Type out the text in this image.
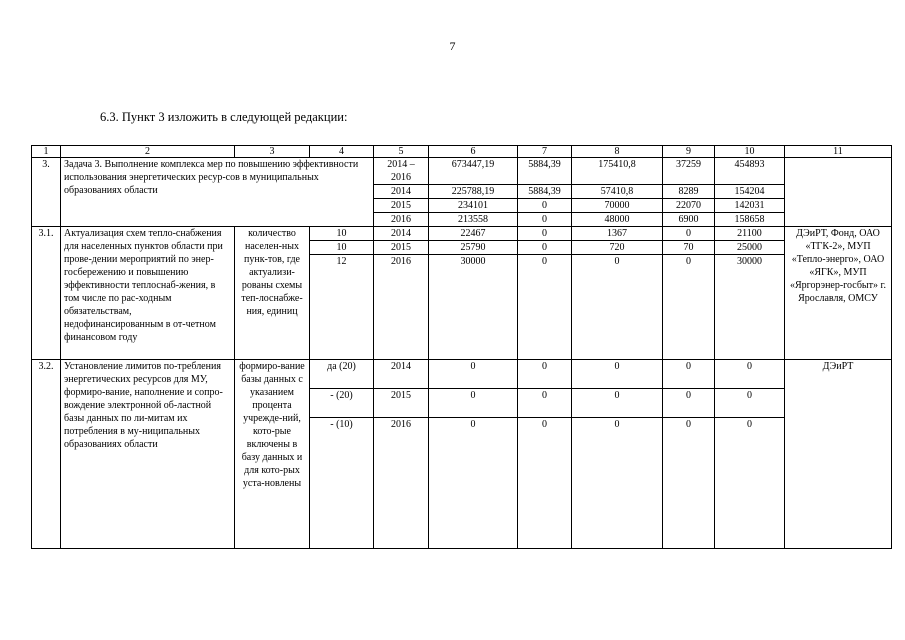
7
6.3. Пункт 3 изложить в следующей редакции:
1	2	3	4	5	6	7	8	9	10	11
3.	Задача 3. Выполнение комплекса мер по повышению эффективности использования энергетических ресур-сов в муниципальных образованиях области			2014 – 2016	673447,19	5884,39	175410,8	37259	454893	
				2014	225788,19	5884,39	57410,8	8289	154204	
				2015	234101	0	70000	22070	142031	
				2016	213558	0	48000	6900	158658	
3.1.	Актуализация схем тепло-снабжения для населенных пунктов области при прове-дении мероприятий по энер-госбережению и повышению эффективности теплоснаб-жения, в том числе по рас-ходным обязательствам, недофинансированным в от-четном финансовом году	количество населен-ных пунк-тов, где актуализи-рованы схемы теп-лоснабже-ния, единиц	10	2014	22467	0	1367	0	21100	ДЭиРТ, Фонд, ОАО «ТГК-2», МУП «Тепло-энерго», ОАО «ЯГК», МУП «Яргорэнер-госбыт» г. Ярославля, ОМСУ
			10	2015	25790	0	720	70	25000	
			12	2016	30000	0	0	0	30000	
3.2.	Установление лимитов по-требления энергетических ресурсов для МУ, формиро-вание, наполнение и сопро-вождение электронной об-ластной базы данных по ли-митам их потребления в му-ниципальных образованиях области	формиро-вание базы данных с указанием процента учрежде-ний, кото-рые включены в базу данных и для кото-рых уста-новлены	да (20)	2014	0	0	0	0	0	ДЭиРТ
			- (20)	2015	0	0	0	0	0	
			- (10)	2016	0	0	0	0	0	
